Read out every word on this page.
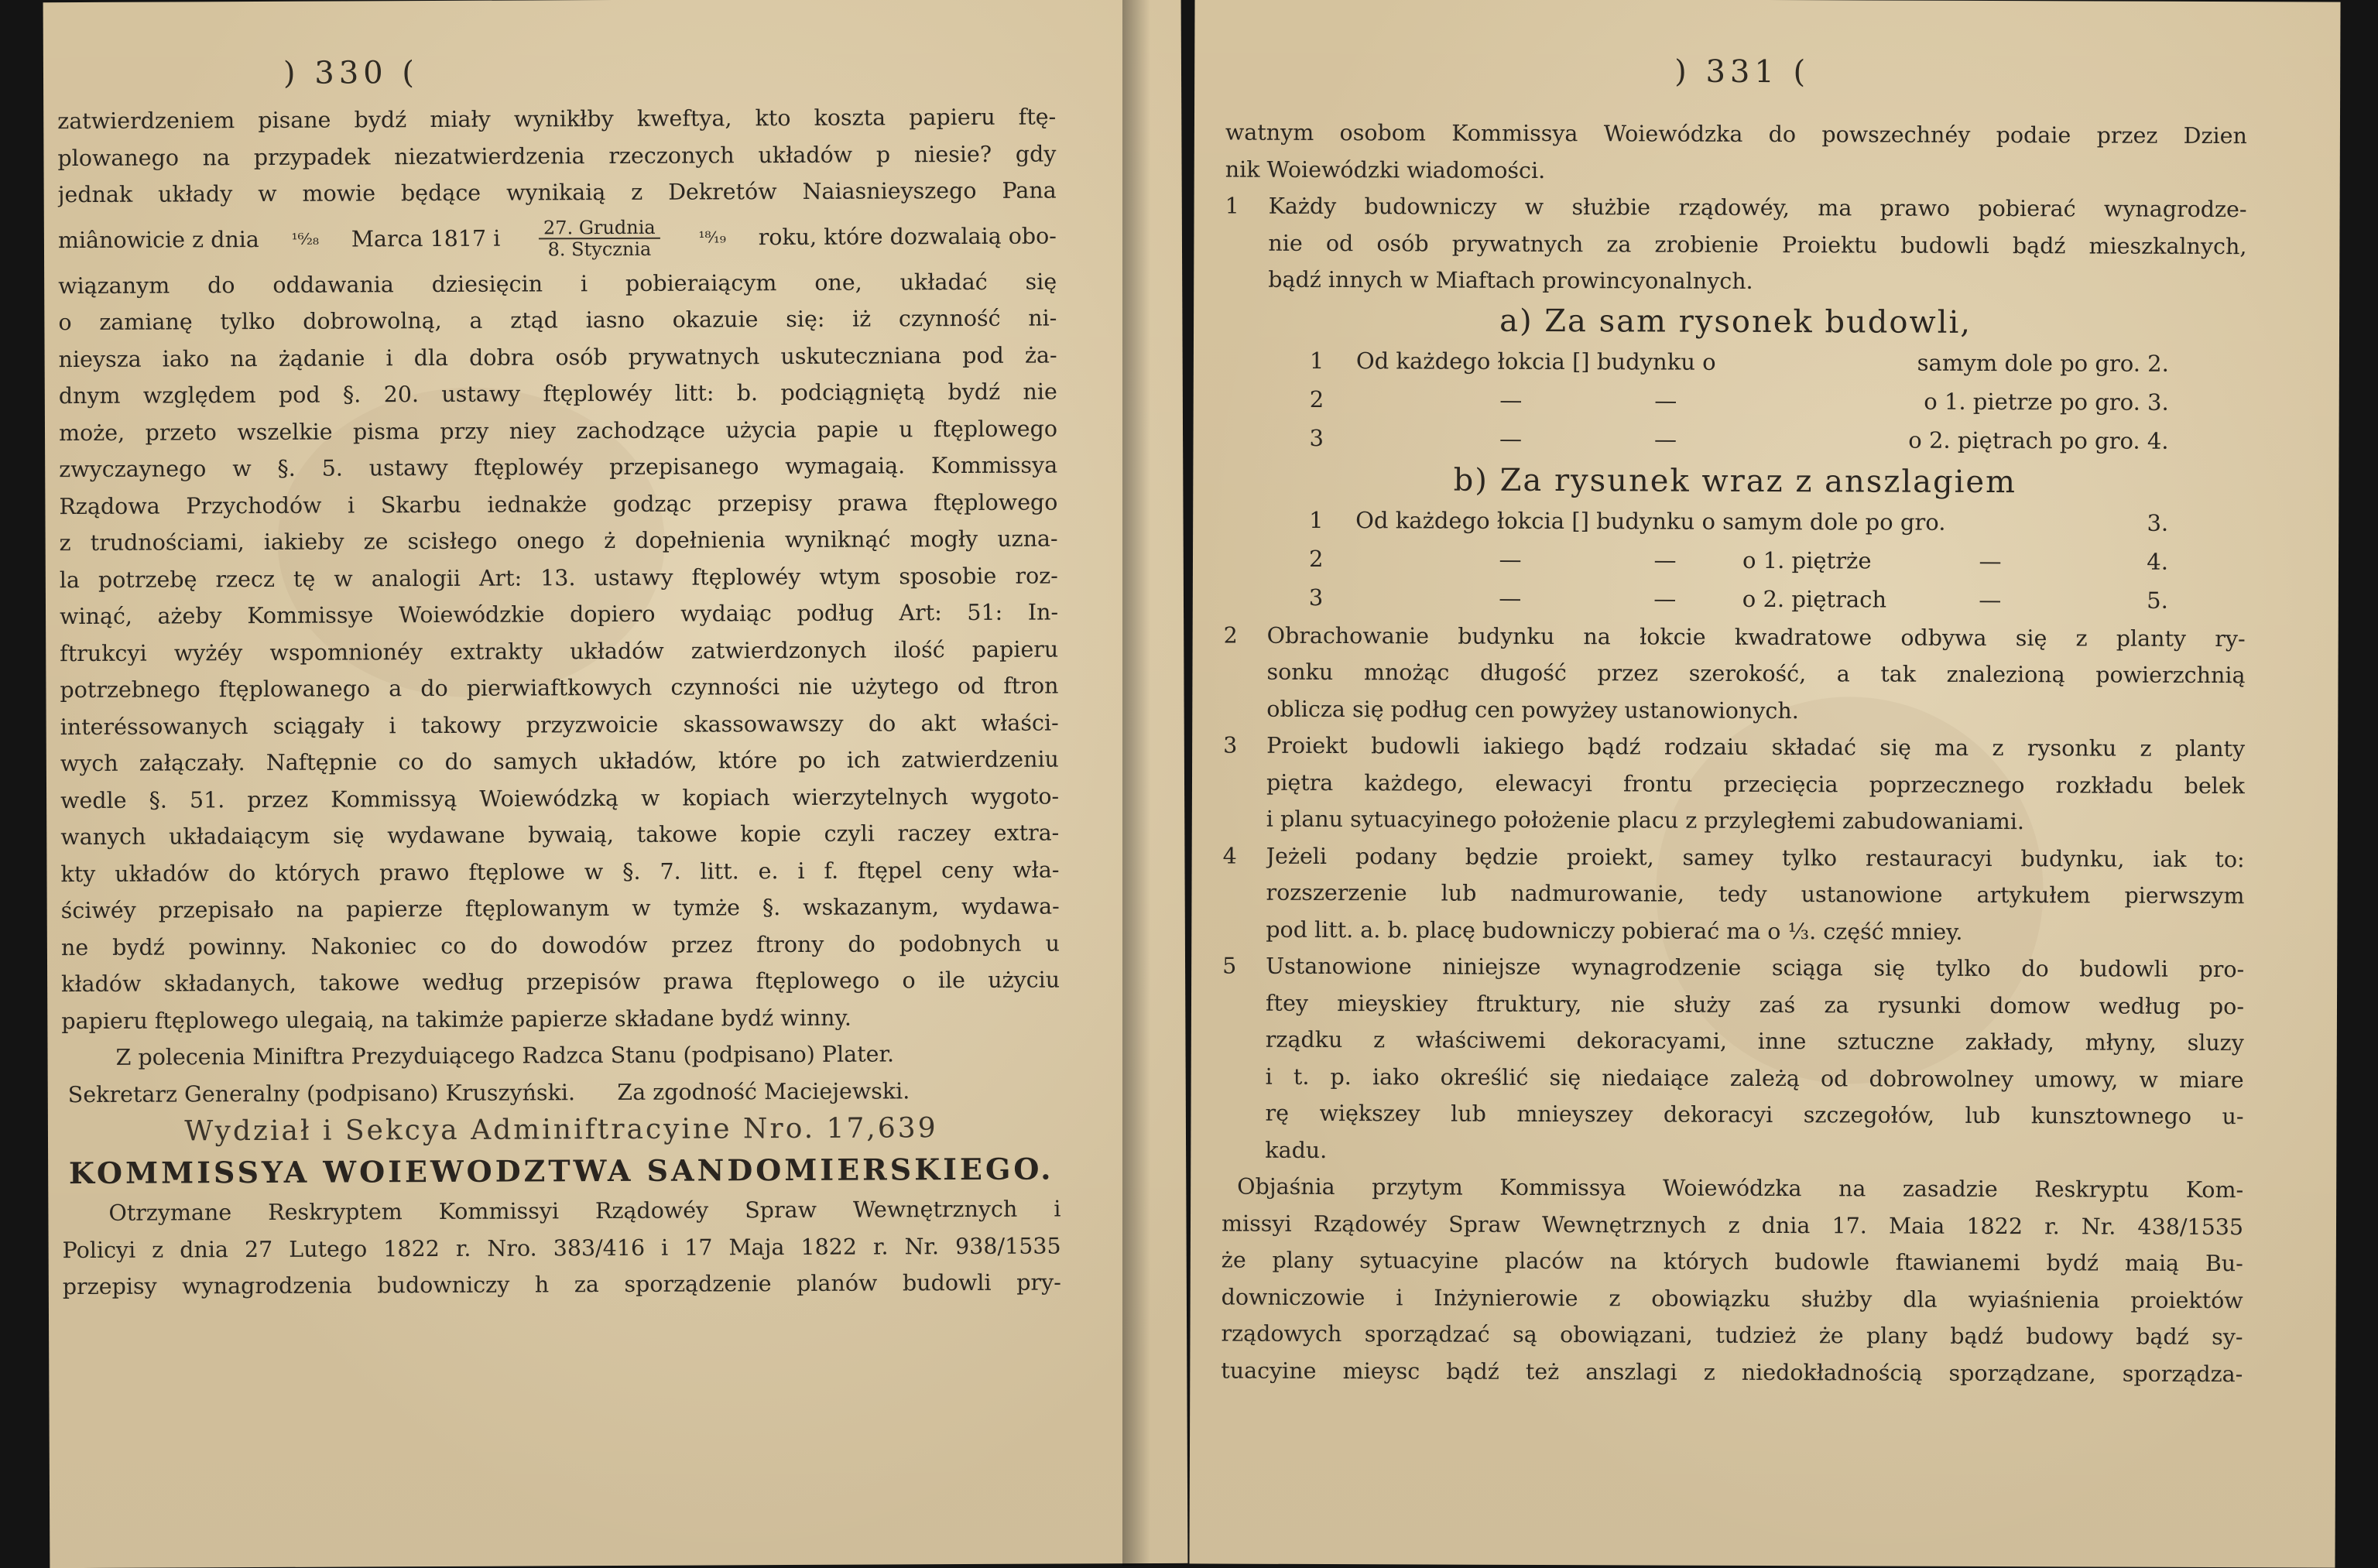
) 330 (
zatwierdzeniem pisane bydź miały wynikłby kweftya, kto koszta papieru ftę-
plowanego na przypadek niezatwierdzenia rzeczonych układów p niesie? gdy
jednak układy w mowie będące wynikaią z Dekretów Naiasnieyszego Pana
miânowicie z dnia ¹⁶⁄₂₈ Marca 1817 i $\frac{\text{27. Grudnia}}{\text{8. Stycznia}}$ ¹⁸⁄₁₉ roku, które dozwalaią obo-
wiązanym do oddawania dziesięcin i pobieraiącym one, układać się
o zamianę tylko dobrowolną, a ztąd iasno okazuie się: iż czynność ni-
nieysza iako na żądanie i dla dobra osób prywatnych uskuteczniana pod ża-
dnym względem pod §. 20. ustawy ftęplowéy litt: b. podciągniętą bydź nie
może, przeto wszelkie pisma przy niey zachodzące użycia papie u ftęplowego
zwyczaynego w §. 5. ustawy ftęplowéy przepisanego wymagaią. Kommissya
Rządowa Przychodów i Skarbu iednakże godząc przepisy prawa ftęplowego
z trudnościami, iakieby ze scisłego onego ż dopełnienia wyniknąć mogły uzna-
la potrzebę rzecz tę w analogii Art: 13. ustawy ftęplowéy wtym sposobie roz-
winąć, ażeby Kommissye Woiewódzkie dopiero wydaiąc podług Art: 51: In-
ftrukcyi wyżéy wspomnionéy extrakty układów zatwierdzonych ilość papieru
potrzebnego ftęplowanego a do pierwiaftkowych czynności nie użytego od ftron
interéssowanych sciągały i takowy przyzwoicie skassowawszy do akt właści-
wych załączały. Naftępnie co do samych układów, które po ich zatwierdzeniu
wedle §. 51. przez Kommissyą Woiewódzką w kopiach wierzytelnych wygoto-
wanych układaiącym się wydawane bywaią, takowe kopie czyli raczey extra-
kty układów do których prawo ftęplowe w §. 7. litt. e. i f. ftępel ceny wła-
ściwéy przepisało na papierze ftęplowanym w tymże §. wskazanym, wydawa-
ne bydź powinny. Nakoniec co do dowodów przez ftrony do podobnych u
kładów składanych, takowe według przepisów prawa ftęplowego o ile użyciu
papieru ftęplowego ulegaią, na takimże papierze składane bydź winny.
Z polecenia Miniftra Prezyduiącego Radzca Stanu (podpisano) Plater.
Sekretarz Generalny (podpisano) Kruszyński.      Za zgodność Maciejewski.
Wydział i Sekcya Adminiftracyine Nro. 17,639
KOMMISSYA WOIEWODZTWA SANDOMIERSKIEGO.
Otrzymane Reskryptem Kommissyi Rządowéy Spraw Wewnętrznych i
Policyi z dnia 27 Lutego 1822 r. Nro. 383/416 i 17 Maja 1822 r. Nr. 938/1535
przepisy wynagrodzenia budowniczy h za sporządzenie planów budowli pry-
) 331 (
watnym osobom Kommissya Woiewódzka do powszechnéy podaie przez Dzien
nik Woiewódzki wiadomości.
1	Każdy budowniczy w służbie rządowéy, ma prawo pobierać wynagrodze-
nie od osób prywatnych za zrobienie Proiektu budowli bądź mieszkalnych,
bądź innych w Miaftach prowincyonalnych.
a) Za sam rysonek budowli,
1	Od każdego łokcia [] budynku o	samym dole po gro. 2.
2	— —	o 1. pietrze po gro. 3.
3	— —	o 2. piętrach po gro. 4.
b) Za rysunek wraz z anszlagiem
1	Od każdego łokcia [] budynku o samym dole po gro.	3.
2	— — o 1. piętrże —	4.
3	— — o 2. piętrach —	5.
2	Obrachowanie budynku na łokcie kwadratowe odbywa się z planty ry-
sonku mnożąc długość przez szerokość, a tak znalezioną powierzchnią
oblicza się podług cen powyżey ustanowionych.
3	Proiekt budowli iakiego bądź rodzaiu składać się ma z rysonku z planty
piętra każdego, elewacyi frontu przecięcia poprzecznego rozkładu belek
i planu sytuacyinego położenie placu z przyległemi zabudowaniami.
4	Jeżeli podany będzie proiekt, samey tylko restauracyi budynku, iak to:
rozszerzenie lub nadmurowanie, tedy ustanowione artykułem pierwszym
pod litt. a. b. placę budowniczy pobierać ma o ⅓. część mniey.
5	Ustanowione niniejsze wynagrodzenie sciąga się tylko do budowli pro-
ftey mieyskiey ftruktury, nie służy zaś za rysunki domow według po-
rządku z właściwemi dekoracyami, inne sztuczne zakłady, młyny, sluzy
i t. p. iako określić się niedaiące zależą od dobrowolney umowy, w miare
rę większey lub mnieyszey dekoracyi szczegołów, lub kunsztownego u-
kadu.
Objaśnia przytym Kommissya Woiewódzka na zasadzie Reskryptu Kom-
missyi Rządowéy Spraw Wewnętrznych z dnia 17. Maia 1822 r. Nr. 438/1535
że plany sytuacyine placów na których budowle ftawianemi bydź maią Bu-
downiczowie i Inżynierowie z obowiązku służby dla wyiaśnienia proiektów
rządowych sporządzać są obowiązani, tudzież że plany bądź budowy bądź sy-
tuacyine mieysc bądź też anszlagi z niedokładnością sporządzane, sporządza-
